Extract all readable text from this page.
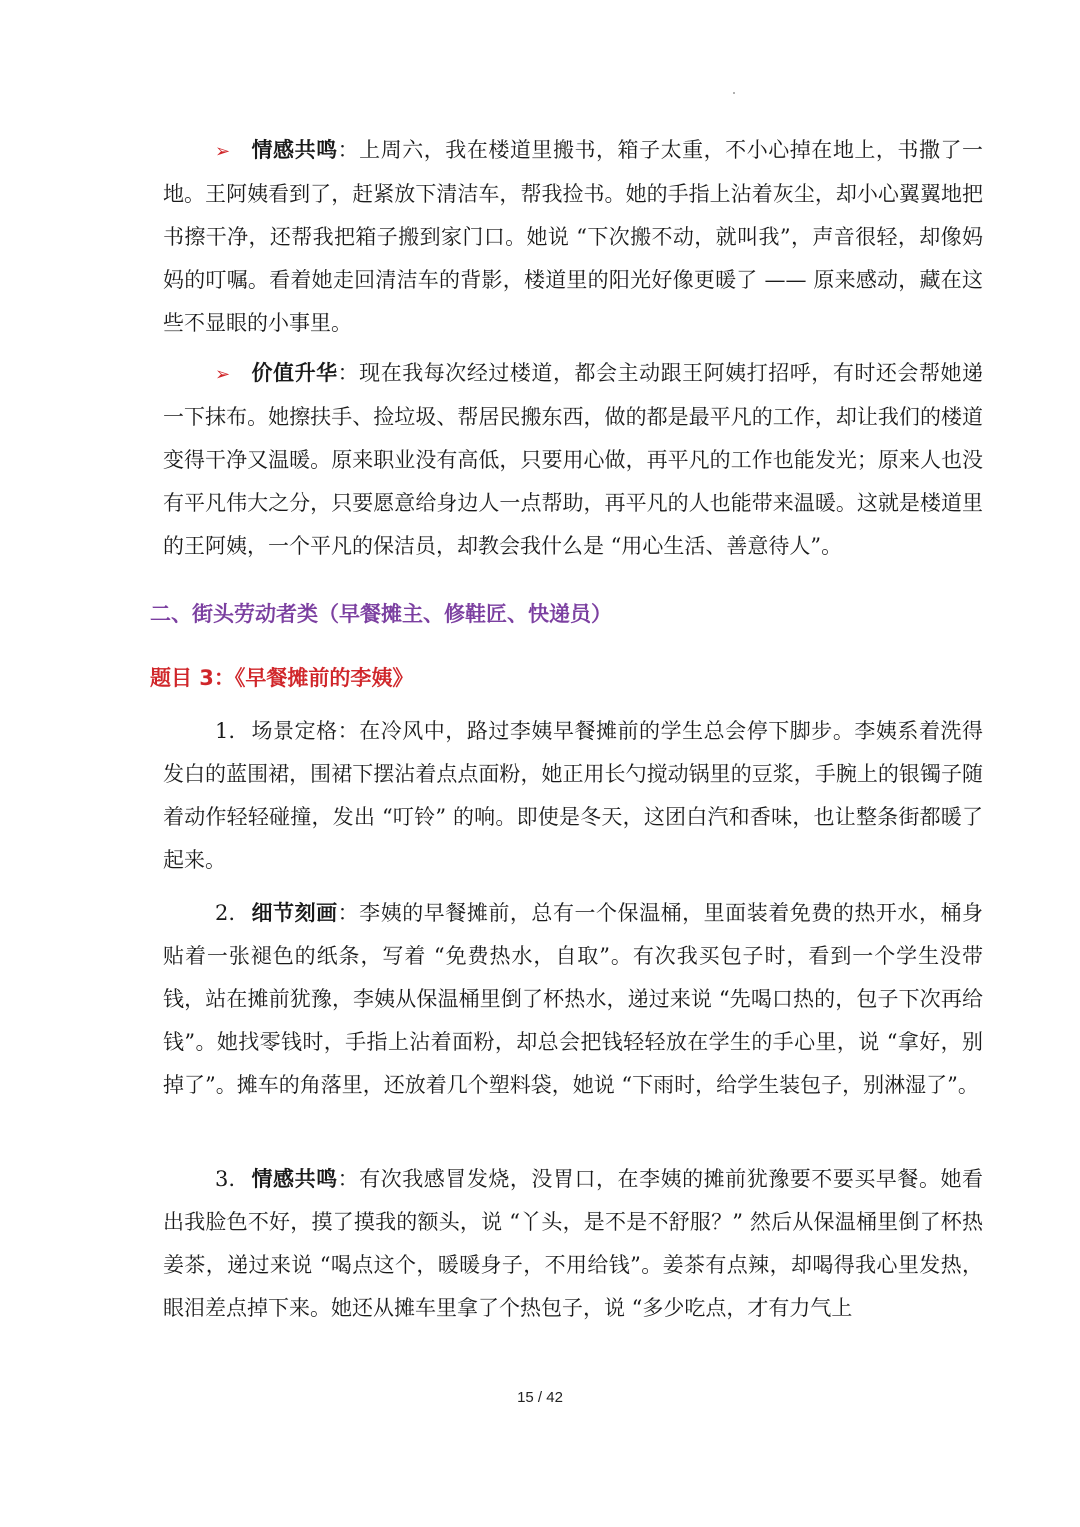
➢ 情感共鸣：上周六，我在楼道里搬书，箱子太重，不小心掉在地上，书撒了一地。王阿姨看到了，赶紧放下清洁车，帮我捡书。她的手指上沾着灰尘，却小心翼翼地把书擦干净，还帮我把箱子搬到家门口。她说 “下次搬不动，就叫我”，声音很轻，却像妈妈的叮嘱。看着她走回清洁车的背影，楼道里的阳光好像更暖了 —— 原来感动，藏在这些不显眼的小事里。

➢ 价值升华：现在我每次经过楼道，都会主动跟王阿姨打招呼，有时还会帮她递一下抹布。她擦扶手、捡垃圾、帮居民搬东西，做的都是最平凡的工作，却让我们的楼道变得干净又温暖。原来职业没有高低，只要用心做，再平凡的工作也能发光；原来人也没有平凡伟大之分，只要愿意给身边人一点帮助，再平凡的人也能带来温暖。这就是楼道里的王阿姨，一个平凡的保洁员，却教会我什么是 “用心生活、善意待人”。

二、街头劳动者类（早餐摊主、修鞋匠、快递员）
题目 3：《早餐摊前的李姨》

1. 场景定格：在冷风中，路过李姨早餐摊前的学生总会停下脚步。李姨系着洗得发白的蓝围裙，围裙下摆沾着点点面粉，她正用长勺搅动锅里的豆浆，手腕上的银镯子随着动作轻轻碰撞，发出 “叮铃” 的响。即使是冬天，这团白汽和香味，也让整条街都暖了起来。

2. 细节刻画：李姨的早餐摊前，总有一个保温桶，里面装着免费的热开水，桶身贴着一张褪色的纸条，写着 “免费热水，自取”。有次我买包子时，看到一个学生没带钱，站在摊前犹豫，李姨从保温桶里倒了杯热水，递过来说 “先喝口热的，包子下次再给钱”。她找零钱时，手指上沾着面粉，却总会把钱轻轻放在学生的手心里，说 “拿好，别掉了”。摊车的角落里，还放着几个塑料袋，她说 “下雨时，给学生装包子，别淋湿了”。

3. 情感共鸣：有次我感冒发烧，没胃口，在李姨的摊前犹豫要不要买早餐。她看出我脸色不好，摸了摸我的额头，说 “丫头，是不是不舒服？” 然后从保温桶里倒了杯热姜茶，递过来说 “喝点这个，暖暖身子，不用给钱”。姜茶有点辣，却喝得我心里发热，眼泪差点掉下来。她还从摊车里拿了个热包子，说 “多少吃点，才有力气上

15 / 42
